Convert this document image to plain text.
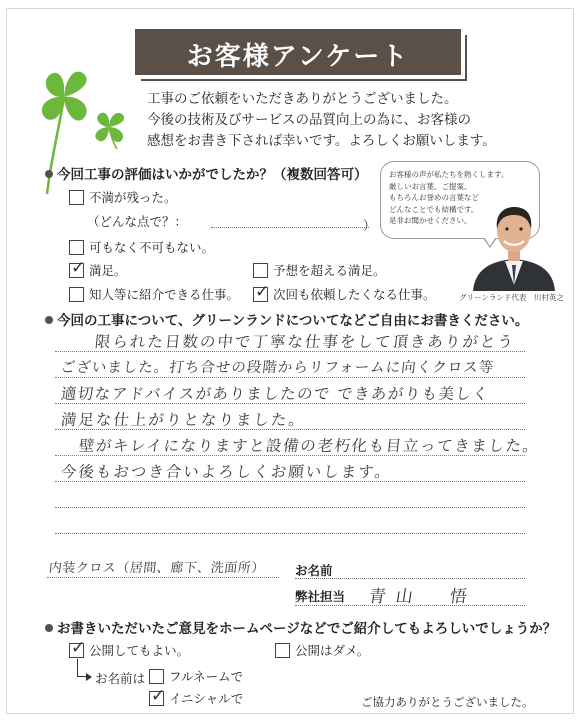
お客様アンケート
工事のご依頼をいただきありがとうございました。
今後の技術及びサービスの品質向上の為に、お客様の
感想をお書き下されば幸いです。よろしくお願いします。
今回工事の評価はいかがでしたか？（複数回答可）
不満が残った。
（どんな点で？：	）
可もなく不可もない。
✓
満足。	予想を超える満足。
知人等に紹介できる仕事。
✓	次回も依頼したくなる仕事。
お客様の声が私たちを熱くします。
厳しいお言葉、ご提案、
もちろんお誉めの言葉など
どんなことでも結構です。
是非お聞かせください。
グリーンランド代表　川村英之
今回の工事について、グリーンランドについてなどご自由にお書きください。
限られた日数の中で丁寧な仕事をして頂きありがとう
ございました。打ち合せの段階からリフォームに向くクロス等
適切なアドバイスがありましたので できあがりも美しく
満足な仕上がりとなりました。
壁がキレイになりますと設備の老朽化も目立ってきました。
今後もおつき合いよろしくお願いします。
内装クロス（居間、廊下、洗面所） お名前
弊社担当 青山　悟
お書きいただいたご意見をホームページなどでご紹介してもよろしいでしょうか？
✓
公開してもよい。	公開はダメ。
お名前は フルネームで
✓
イニシャルで	ご協力ありがとうございました。
